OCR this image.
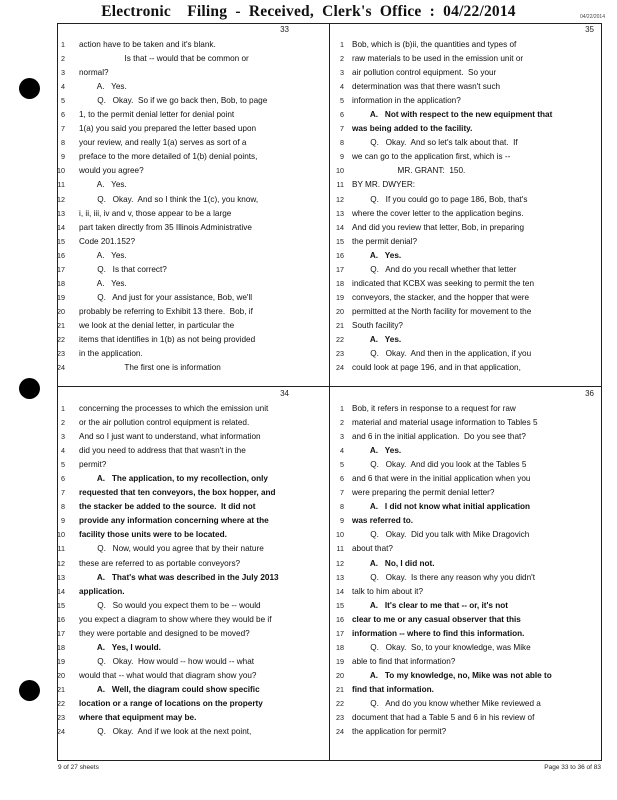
Electronic    Filing  -  Received,  Clerk's  Office  :  04/22/2014	04/22/2014
33
1 action have to be taken and it's blank.
2 Is that -- would that be common or
3 normal?
4 A.   Yes.
5 Q.   Okay.  So if we go back then, Bob, to page
6 1, to the permit denial letter for denial point
7 1(a) you said you prepared the letter based upon
8 your review, and really 1(a) serves as sort of a
9 preface to the more detailed of 1(b) denial points,
10 would you agree?
11 A.   Yes.
12 Q.   Okay.  And so I think the 1(c), you know,
13 i, ii, iii, iv and v, those appear to be a large
14 part taken directly from 35 Illinois Administrative
15 Code 201.152?
16 A.   Yes.
17 Q.   Is that correct?
18 A.   Yes.
19 Q.   And just for your assistance, Bob, we'll
20 probably be referring to Exhibit 13 there.  Bob, if
21 we look at the denial letter, in particular the
22 items that identifies in 1(b) as not being provided
23 in the application.
24 The first one is information
35
1 Bob, which is (b)ii, the quantities and types of
2 raw materials to be used in the emission unit or
3 air pollution control equipment.  So your
4 determination was that there wasn't such
5 information in the application?
6 A.   Not with respect to the new equipment that
7 was being added to the facility.
8 Q.   Okay.  And so let's talk about that.  If
9 we can go to the application first, which is --
10 MR. GRANT:  150.
11 BY MR. DWYER:
12 Q.   If you could go to page 186, Bob, that's
13 where the cover letter to the application begins.
14 And did you review that letter, Bob, in preparing
15 the permit denial?
16 A.   Yes.
17 Q.   And do you recall whether that letter
18 indicated that KCBX was seeking to permit the ten
19 conveyors, the stacker, and the hopper that were
20 permitted at the North facility for movement to the
21 South facility?
22 A.   Yes.
23 Q.   Okay.  And then in the application, if you
24 could look at page 196, and in that application,
34
1 concerning the processes to which the emission unit
2 or the air pollution control equipment is related.
3 And so I just want to understand, what information
4 did you need to address that that wasn't in the
5 permit?
6 A.   The application, to my recollection, only
7 requested that ten conveyors, the box hopper, and
8 the stacker be added to the source.  It did not
9 provide any information concerning where at the
10 facility those units were to be located.
11 Q.   Now, would you agree that by their nature
12 these are referred to as portable conveyors?
13 A.   That's what was described in the July 2013
14 application.
15 Q.   So would you expect them to be -- would
16 you expect a diagram to show where they would be if
17 they were portable and designed to be moved?
18 A.   Yes, I would.
19 Q.   Okay.  How would -- how would -- what
20 would that -- what would that diagram show you?
21 A.   Well, the diagram could show specific
22 location or a range of locations on the property
23 where that equipment may be.
24 Q.   Okay.  And if we look at the next point,
36
1 Bob, it refers in response to a request for raw
2 material and material usage information to Tables 5
3 and 6 in the initial application.  Do you see that?
4 A.   Yes.
5 Q.   Okay.  And did you look at the Tables 5
6 and 6 that were in the initial application when you
7 were preparing the permit denial letter?
8 A.   I did not know what initial application
9 was referred to.
10 Q.   Okay.  Did you talk with Mike Dragovich
11 about that?
12 A.   No, I did not.
13 Q.   Okay.  Is there any reason why you didn't
14 talk to him about it?
15 A.   It's clear to me that -- or, it's not
16 clear to me or any casual observer that this
17 information -- where to find this information.
18 Q.   Okay.  So, to your knowledge, was Mike
19 able to find that information?
20 A.   To my knowledge, no, Mike was not able to
21 find that information.
22 Q.   And do you know whether Mike reviewed a
23 document that had a Table 5 and 6 in his review of
24 the application for permit?
9 of 27 sheets	Page 33 to 36 of 83
